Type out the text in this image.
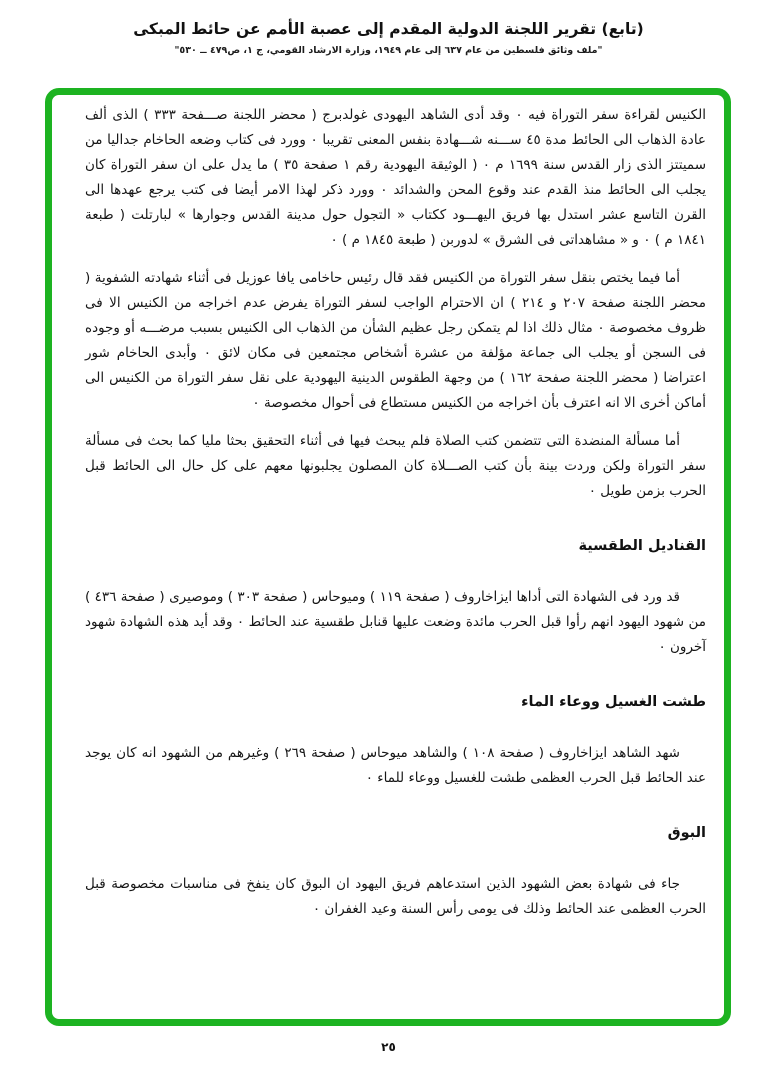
(تابع) تقرير اللجنة الدولية المقدم إلى عصبة الأمم عن حائط المبكى

"ملف وثائق فلسطين من عام ٦٣٧ إلى عام ١٩٤٩، وزارة الارشاد القومي، ج ١، ص٤٧٩ ــ ٥٣٠"

الكنيس لقراءة سفر التوراة فيه ۰ وقد أدى الشاهد اليهودى غولدبرج ( محضر اللجنة صـــفحة ٣٣٣ ) الذى ألف عادة الذهاب الى الحائط مدة ٤٥ ســـنه شـــهادة بنفس المعنى تقريبا ۰ وورد فى كتاب وضعه الحاخام جداليا من سميتتز الذى زار القدس سنة ١٦٩٩ م ۰ ( الوثيقة اليهودية رقم ١ صفحة ٣٥ ) ما يدل على ان سفر التوراة كان يجلب الى الحائط منذ القدم عند وقوع المحن والشدائد ۰ وورد ذكر لهذا الامر أيضا فى كتب يرجع عهدها الى القرن التاسع عشر استدل بها فريق اليهـــود ككتاب « التجول حول مدينة القدس وجوارها » لبارتلت ( طبعة ١٨٤١ م ) ۰ و « مشاهداتى فى الشرق » لدوربن ( طبعة ١٨٤٥ م ) ۰

أما فيما يختص بنقل سفر التوراة من الكنيس فقد قال رئيس حاخامى يافا عوزيل فى أثناء شهادته الشفوية ( محضر اللجنة صفحة ٢٠٧ و ٢١٤ ) ان الاحترام الواجب لسفر التوراة يفرض عدم اخراجه من الكنيس الا فى ظروف مخصوصة ۰ مثال ذلك اذا لم يتمكن رجل عظيم الشأن من الذهاب الى الكنيس بسبب مرضـــه أو وجوده فى السجن أو يجلب الى جماعة مؤلفة من عشرة أشخاص مجتمعين فى مكان لائق ۰ وأبدى الحاخام شور اعتراضا ( محضر اللجنة صفحة ١٦٢ ) من وجهة الطقوس الدينية اليهودية على نقل سفر التوراة من الكنيس الى أماكن أخرى الا انه اعترف بأن اخراجه من الكنيس مستطاع فى أحوال مخصوصة ۰

أما مسألة المنضدة التى تتضمن كتب الصلاة فلم يبحث فيها فى أثناء التحقيق بحثا مليا كما بحث فى مسألة سفر التوراة ولكن وردت بينة بأن كتب الصـــلاة كان المصلون يجلبونها معهم على كل حال الى الحائط قبل الحرب بزمن طويل ۰

القناديل الطقسية

قد ورد فى الشهادة التى أداها ايزاخاروف ( صفحة ١١٩ ) وميوحاس ( صفحة ٣٠٣ ) وموصيرى ( صفحة ٤٣٦ ) من شهود اليهود انهم رأوا قبل الحرب مائدة وضعت عليها قنابل طقسية عند الحائط ۰ وقد أيد هذه الشهادة شهود آخرون ۰

طشت الغسيل ووعاء الماء

شهد الشاهد ايزاخاروف ( صفحة ١٠٨ ) والشاهد ميوحاس ( صفحة ٢٦٩ ) وغيرهم من الشهود انه كان يوجد عند الحائط قبل الحرب العظمى طشت للغسيل ووعاء للماء ۰

البوق

جاء فى شهادة بعض الشهود الذين استدعاهم فريق اليهود ان البوق كان ينفخ فى مناسبات مخصوصة قبل الحرب العظمى عند الحائط وذلك فى يومى رأس السنة وعيد الغفران ۰

٢٥
